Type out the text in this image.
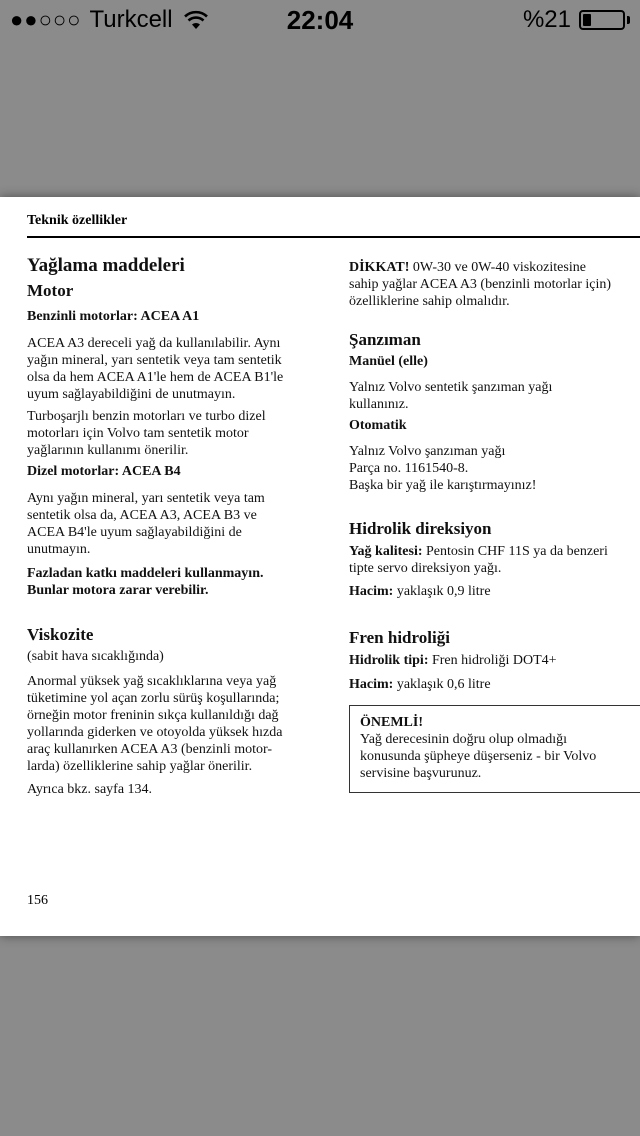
●●○○○ Turkcell	22:04	%21
Teknik özellikler
Yağlama maddeleri
Motor
Benzinli motorlar: ACEA A1
ACEA A3 dereceli yağ da kullanılabilir. Aynı
yağın mineral, yarı sentetik veya tam sentetik
olsa da hem ACEA A1'le hem de ACEA B1'le
uyum sağlayabildiğini de unutmayın.
Turboşarjlı benzin motorları ve turbo dizel
motorları için Volvo tam sentetik motor
yağlarının kullanımı önerilir.
Dizel motorlar: ACEA B4
Aynı yağın mineral, yarı sentetik veya tam
sentetik olsa da, ACEA A3, ACEA B3 ve
ACEA B4'le uyum sağlayabildiğini de
unutmayın.
Fazladan katkı maddeleri kullanmayın.
Bunlar motora zarar verebilir.
Viskozite
(sabit hava sıcaklığında)
Anormal yüksek yağ sıcaklıklarına veya yağ
tüketimine yol açan zorlu sürüş koşullarında;
örneğin motor freninin sıkça kullanıldığı dağ
yollarında giderken ve otoyolda yüksek hızda
araç kullanırken ACEA A3 (benzinli motor-
larda) özelliklerine sahip yağlar önerilir.
Ayrıca bkz. sayfa 134.
DİKKAT! 0W-30 ve 0W-40 viskozitesine
sahip yağlar ACEA A3 (benzinli motorlar için)
özelliklerine sahip olmalıdır.
Şanzıman
Manüel (elle)
Yalnız Volvo sentetik şanzıman yağı
kullanınız.
Otomatik
Yalnız Volvo şanzıman yağı
Parça no. 1161540-8.
Başka bir yağ ile karıştırmayınız!
Hidrolik direksiyon
Yağ kalitesi: Pentosin CHF 11S ya da benzeri
tipte servo direksiyon yağı.
Hacim: yaklaşık 0,9 litre
Fren hidroliği
Hidrolik tipi: Fren hidroliği DOT4+
Hacim: yaklaşık 0,6 litre
ÖNEMLİ!
Yağ derecesinin doğru olup olmadığı
konusunda şüpheye düşerseniz - bir Volvo
servisine başvurunuz.
156
